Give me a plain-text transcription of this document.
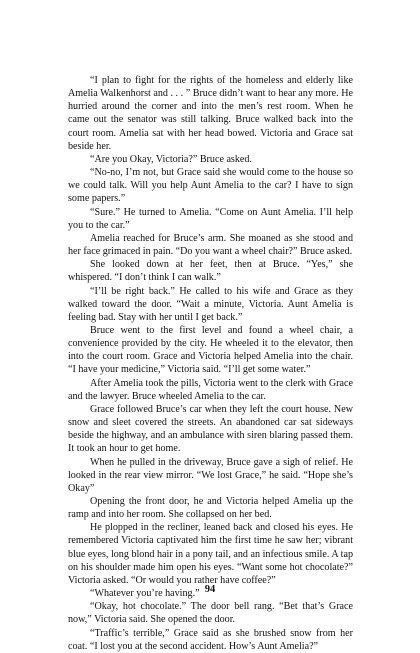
“I plan to fight for the rights of the homeless and elderly like Amelia Walkenhorst and . . . ” Bruce didn’t want to hear any more. He hurried around the corner and into the men’s rest room. When he came out the senator was still talking. Bruce walked back into the court room. Amelia sat with her head bowed. Victoria and Grace sat beside her.

“Are you Okay, Victoria?” Bruce asked.

“No-no, I’m not, but Grace said she would come to the house so we could talk. Will you help Aunt Amelia to the car? I have to sign some papers.”

“Sure.” He turned to Amelia. “Come on Aunt Amelia. I’ll help you to the car.”

Amelia reached for Bruce’s arm. She moaned as she stood and her face grimaced in pain. “Do you want a wheel chair?” Bruce asked.

She looked down at her feet, then at Bruce. “Yes,” she whispered. “I don’t think I can walk.”

“I’ll be right back.” He called to his wife and Grace as they walked toward the door. “Wait a minute, Victoria. Aunt Amelia is feeling bad. Stay with her until I get back.”

Bruce went to the first level and found a wheel chair, a convenience provided by the city. He wheeled it to the elevator, then into the court room. Grace and Victoria helped Amelia into the chair. “I have your medicine,” Victoria said. “I’ll get some water.”

After Amelia took the pills, Victoria went to the clerk with Grace and the lawyer. Bruce wheeled Amelia to the car.

Grace followed Bruce’s car when they left the court house. New snow and sleet covered the streets. An abandoned car sat sideways beside the highway, and an ambulance with siren blaring passed them. It took an hour to get home.

When he pulled in the driveway, Bruce gave a sigh of relief. He looked in the rear view mirror. “We lost Grace,” he said. “Hope she’s Okay”

Opening the front door, he and Victoria helped Amelia up the ramp and into her room. She collapsed on her bed.

He plopped in the recliner, leaned back and closed his eyes. He remembered Victoria captivated him the first time he saw her; vibrant blue eyes, long blond hair in a pony tail, and an infectious smile. A tap on his shoulder made him open his eyes. “Want some hot chocolate?” Victoria asked. “Or would you rather have coffee?”

“Whatever you’re having.”

“Okay, hot chocolate.” The door bell rang. “Bet that’s Grace now,” Victoria said. She opened the door.

“Traffic’s terrible,” Grace said as she brushed snow from her coat. “I lost you at the second accident. How’s Aunt Amelia?”

94
